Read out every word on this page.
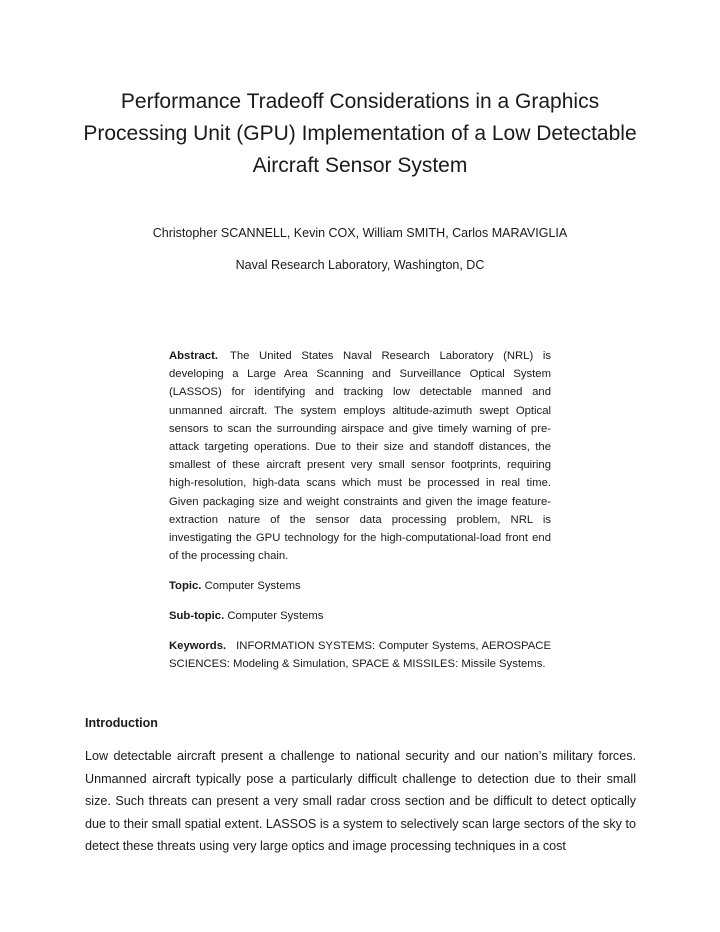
Performance Tradeoff Considerations in a Graphics Processing Unit (GPU) Implementation of a Low Detectable Aircraft Sensor System

Christopher SCANNELL, Kevin COX, William SMITH, Carlos MARAVIGLIA

Naval Research Laboratory, Washington, DC

Abstract. The United States Naval Research Laboratory (NRL) is developing a Large Area Scanning and Surveillance Optical System (LASSOS) for identifying and tracking low detectable manned and unmanned aircraft. The system employs altitude-azimuth swept Optical sensors to scan the surrounding airspace and give timely warning of pre-attack targeting operations. Due to their size and standoff distances, the smallest of these aircraft present very small sensor footprints, requiring high-resolution, high-data scans which must be processed in real time. Given packaging size and weight constraints and given the image feature-extraction nature of the sensor data processing problem, NRL is investigating the GPU technology for the high-computational-load front end of the processing chain.

Topic. Computer Systems

Sub-topic. Computer Systems

Keywords. INFORMATION SYSTEMS: Computer Systems, AEROSPACE SCIENCES: Modeling & Simulation, SPACE & MISSILES: Missile Systems.

Introduction

Low detectable aircraft present a challenge to national security and our nation’s military forces. Unmanned aircraft typically pose a particularly difficult challenge to detection due to their small size. Such threats can present a very small radar cross section and be difficult to detect optically due to their small spatial extent. LASSOS is a system to selectively scan large sectors of the sky to detect these threats using very large optics and image processing techniques in a cost
